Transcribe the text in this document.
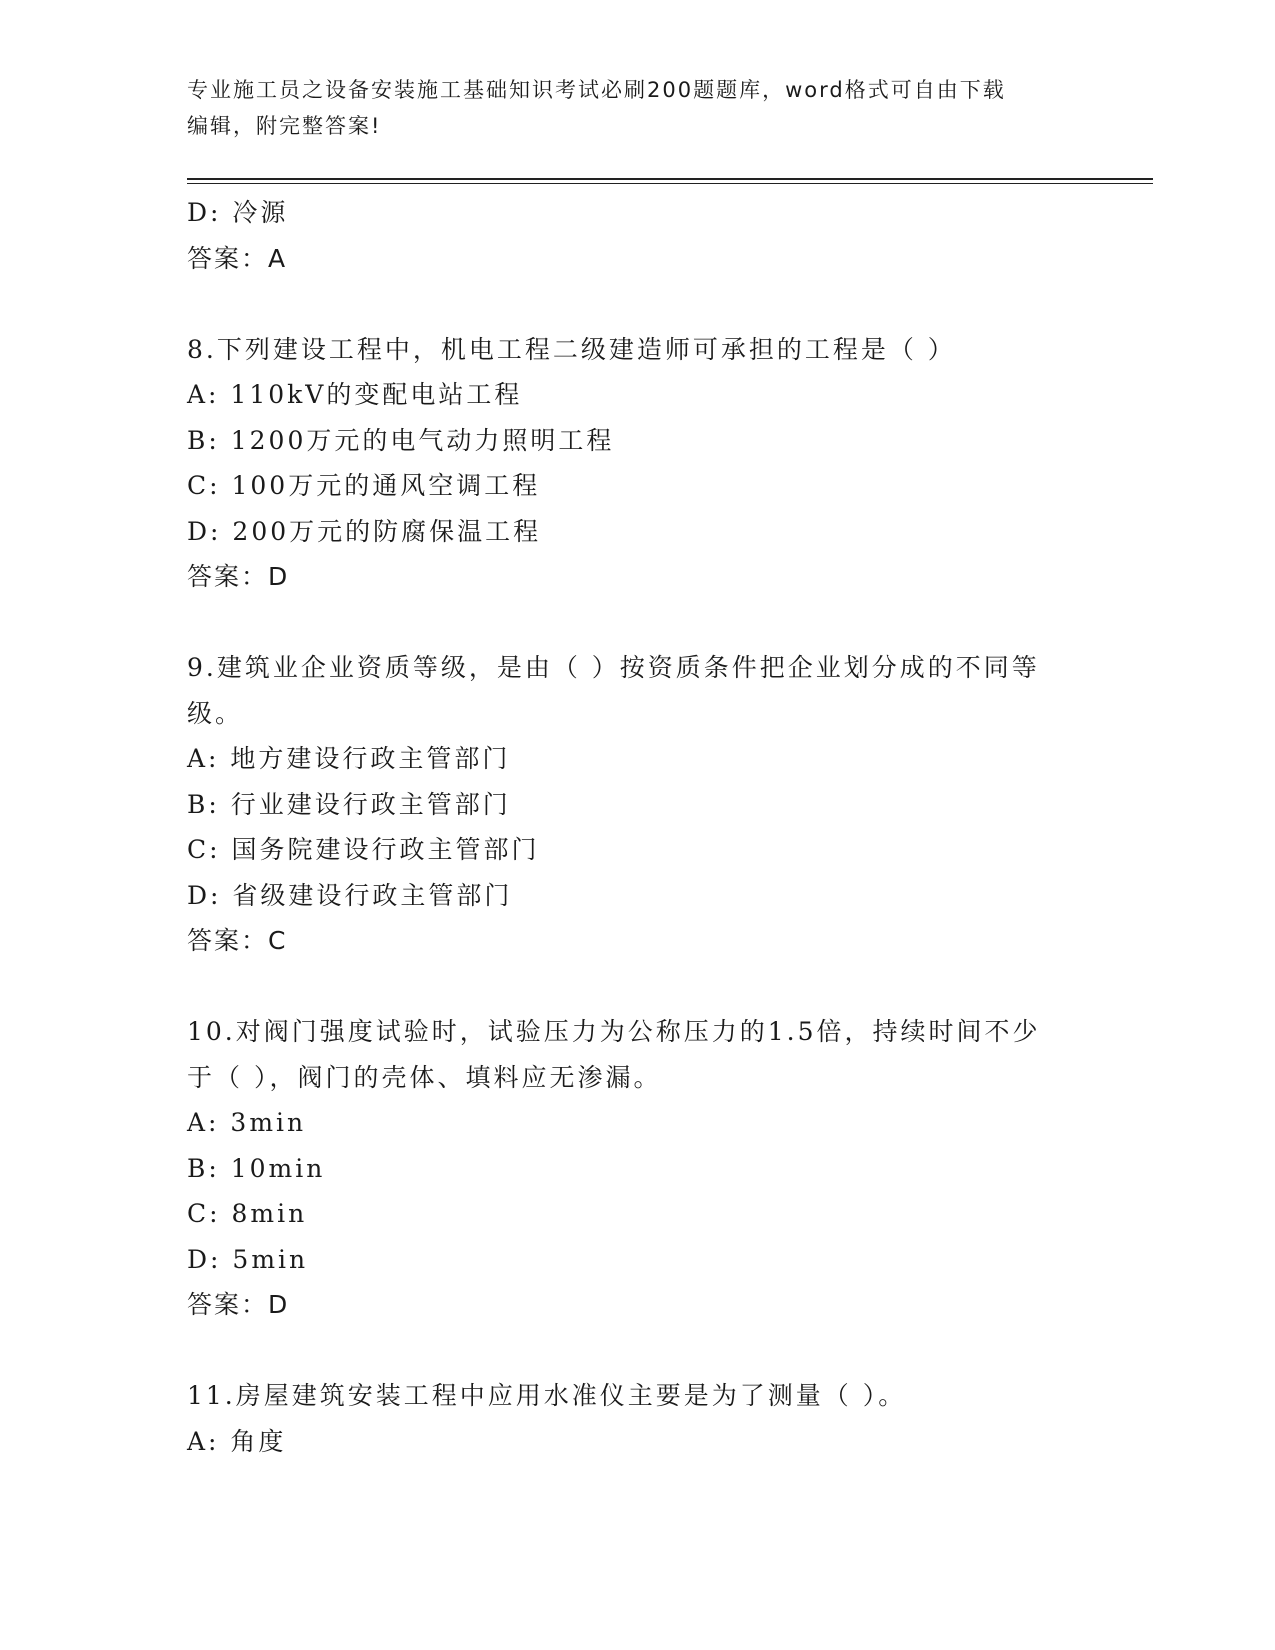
专业施工员之设备安装施工基础知识考试必刷200题题库，word格式可自由下载
编辑，附完整答案!
D: 冷源
答案：A
8.下列建设工程中，机电工程二级建造师可承担的工程是（ ）
A: 110kV的变配电站工程
B: 1200万元的电气动力照明工程
C: 100万元的通风空调工程
D: 200万元的防腐保温工程
答案：D
9.建筑业企业资质等级，是由（ ）按资质条件把企业划分成的不同等级。
A: 地方建设行政主管部门
B: 行业建设行政主管部门
C: 国务院建设行政主管部门
D: 省级建设行政主管部门
答案：C
10.对阀门强度试验时，试验压力为公称压力的1.5倍，持续时间不少于（ ），阀门的壳体、填料应无渗漏。
A: 3min
B: 10min
C: 8min
D: 5min
答案：D
11.房屋建筑安装工程中应用水准仪主要是为了测量（ ）。
A: 角度
